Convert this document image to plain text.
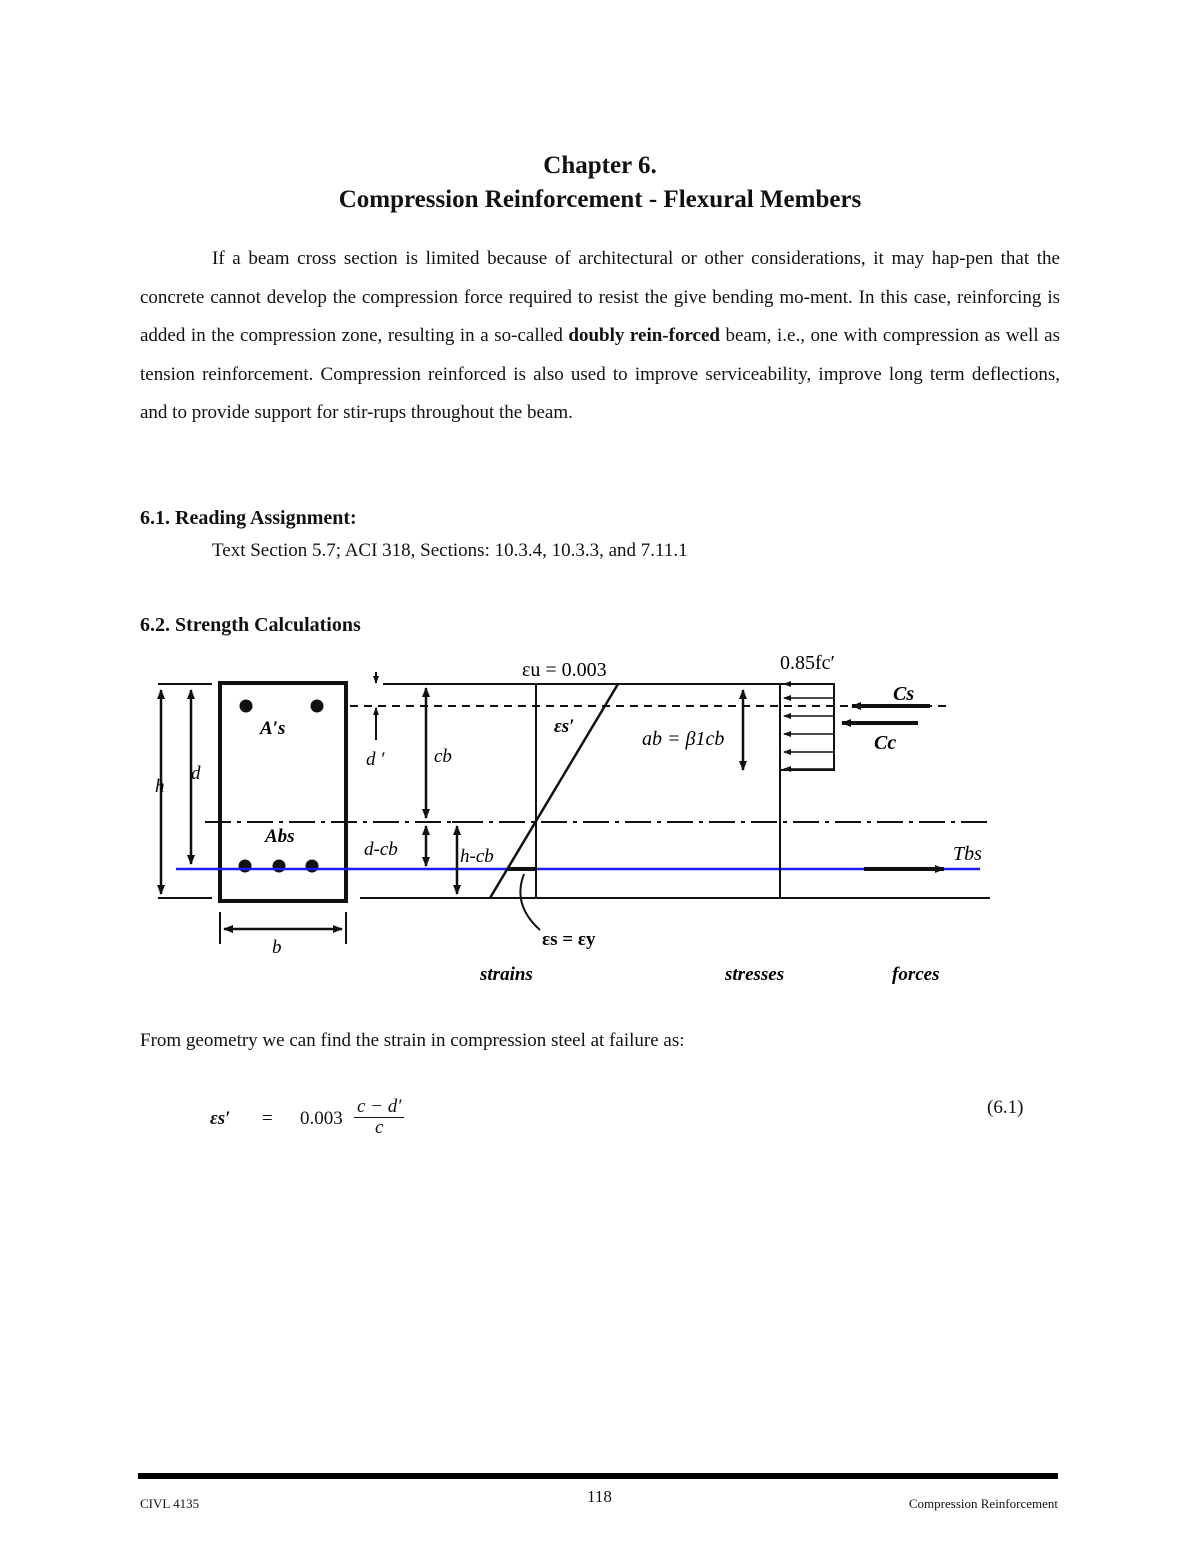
Chapter 6.
Compression Reinforcement - Flexural Members
If a beam cross section is limited because of architectural or other considerations, it may hap-pen that the concrete cannot develop the compression force required to resist the give bending mo-ment. In this case, reinforcing is added in the compression zone, resulting in a so-called doubly rein-forced beam, i.e., one with compression as well as tension reinforcement. Compression reinforced is also used to improve serviceability, improve long term deflections, and to provide support for stir-rups throughout the beam.
6.1. Reading Assignment:
Text Section 5.7; ACI 318, Sections: 10.3.4, 10.3.3, and 7.11.1
6.2. Strength Calculations
h
d
b
A′s
Abs
d ′	cb
d-cb	h-cb
εu = 0.003
εs′
εs = εy
0.85fc′
ab = β1cb
Cs
Cc
Tbs
strains	stresses	forces
From geometry we can find the strain in compression steel at failure as:
$\varepsilon s' = 0.003 \frac{c - d'}{c}$	(6.1)
CIVL 4135	118	Compression Reinforcement
